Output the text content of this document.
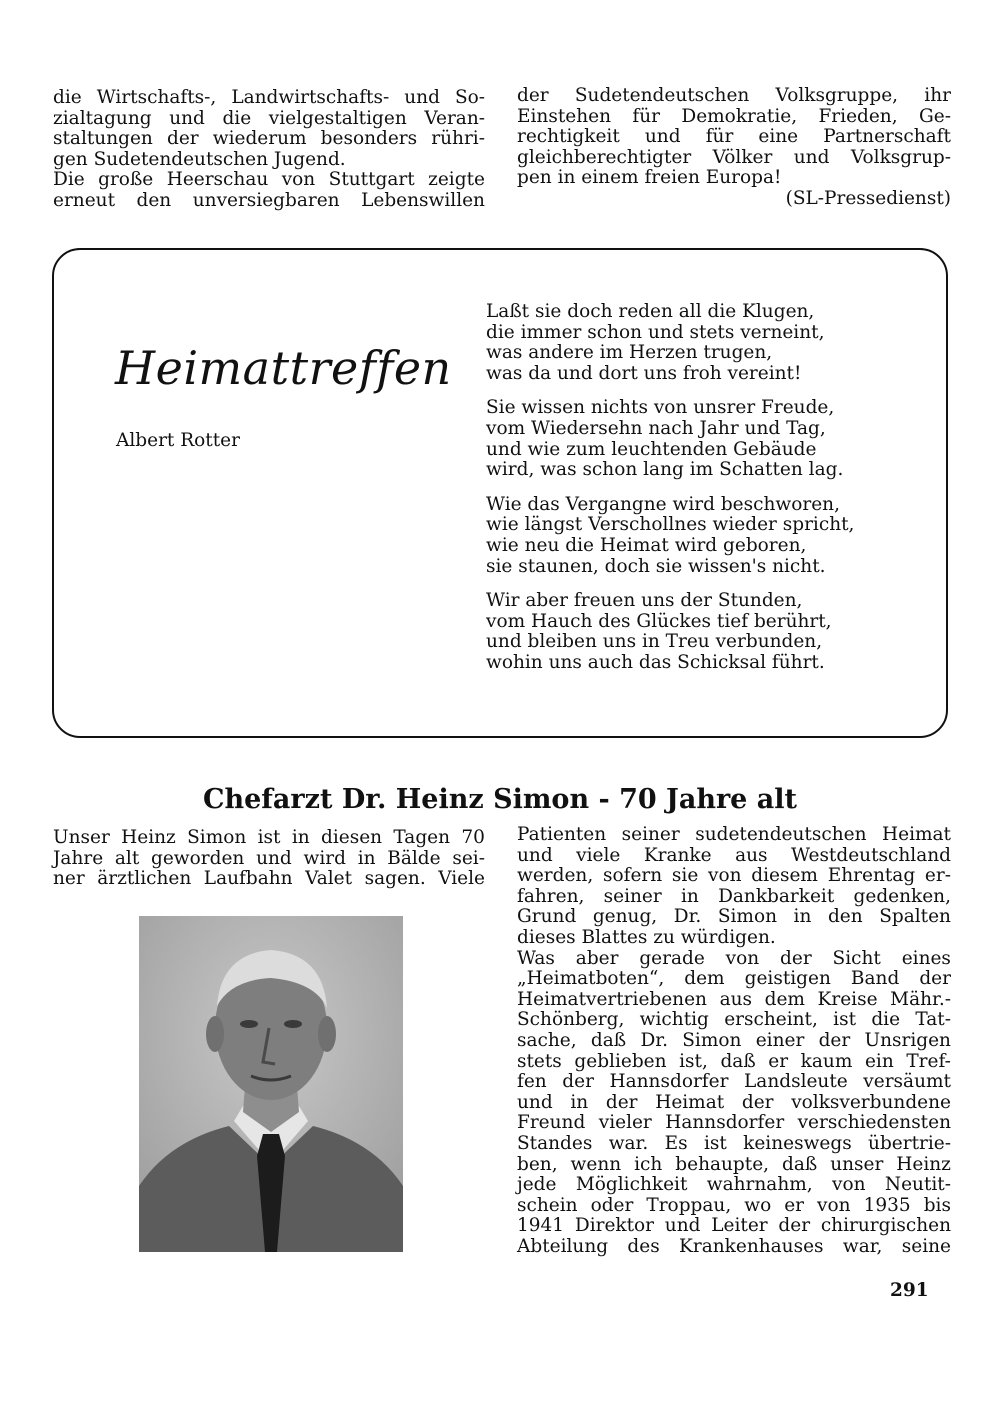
die Wirtschafts-, Landwirtschafts- und So-
zialtagung und die vielgestaltigen Veran-
staltungen der wiederum besonders rühri-
gen Sudetendeutschen Jugend.
Die große Heerschau von Stuttgart zeigte
erneut den unversiegbaren Lebenswillen
der Sudetendeutschen Volksgruppe, ihr
Einstehen für Demokratie, Frieden, Ge-
rechtigkeit und für eine Partnerschaft
gleichberechtigter Völker und Volksgrup-
pen in einem freien Europa!
(SL-Pressedienst)
Heimattreffen
Albert Rotter
Laßt sie doch reden all die Klugen,
die immer schon und stets verneint,
was andere im Herzen trugen,
was da und dort uns froh vereint!
Sie wissen nichts von unsrer Freude,
vom Wiedersehn nach Jahr und Tag,
und wie zum leuchtenden Gebäude
wird, was schon lang im Schatten lag.
Wie das Vergangne wird beschworen,
wie längst Verschollnes wieder spricht,
wie neu die Heimat wird geboren,
sie staunen, doch sie wissen's nicht.
Wir aber freuen uns der Stunden,
vom Hauch des Glückes tief berührt,
und bleiben uns in Treu verbunden,
wohin uns auch das Schicksal führt.
Chefarzt Dr. Heinz Simon - 70 Jahre alt
Unser Heinz Simon ist in diesen Tagen 70
Jahre alt geworden und wird in Bälde sei-
ner ärztlichen Laufbahn Valet sagen. Viele
Patienten seiner sudetendeutschen Heimat
und viele Kranke aus Westdeutschland
werden, sofern sie von diesem Ehrentag er-
fahren, seiner in Dankbarkeit gedenken,
Grund genug, Dr. Simon in den Spalten
dieses Blattes zu würdigen.
Was aber gerade von der Sicht eines
„Heimatboten“, dem geistigen Band der
Heimatvertriebenen aus dem Kreise Mähr.-
Schönberg, wichtig erscheint, ist die Tat-
sache, daß Dr. Simon einer der Unsrigen
stets geblieben ist, daß er kaum ein Tref-
fen der Hannsdorfer Landsleute versäumt
und in der Heimat der volksverbundene
Freund vieler Hannsdorfer verschiedensten
Standes war. Es ist keineswegs übertrie-
ben, wenn ich behaupte, daß unser Heinz
jede Möglichkeit wahrnahm, von Neutit-
schein oder Troppau, wo er von 1935 bis
1941 Direktor und Leiter der chirurgischen
Abteilung des Krankenhauses war, seine
291
